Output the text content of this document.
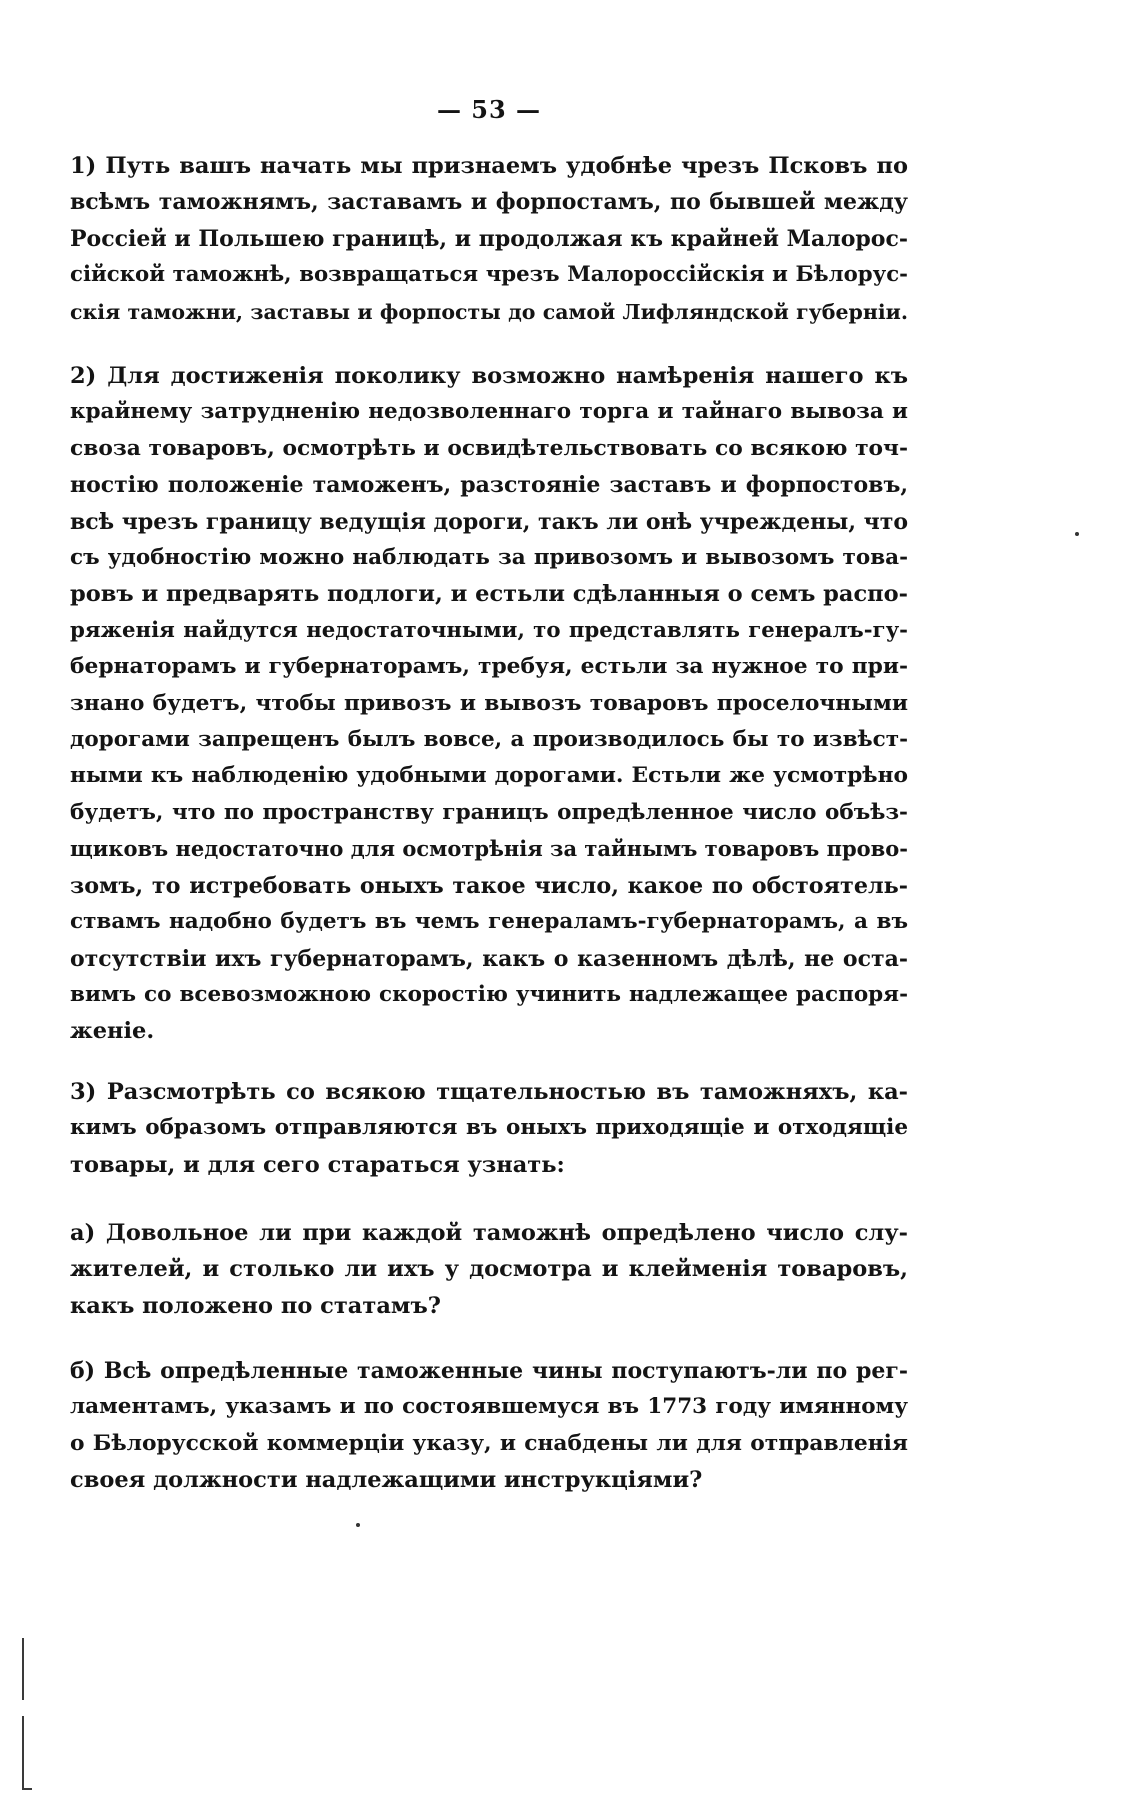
— 53 —

1) Путь вашъ начать мы признаемъ удобнѣе чрезъ Псковъ по
всѣмъ таможнямъ, заставамъ и форпостамъ, по бывшей между
Россіей и Польшею границѣ, и продолжая къ крайней Малорос-
сійской таможнѣ, возвращаться чрезъ Малороссійскія и Бѣлорус-
скія таможни, заставы и форпосты до самой Лифляндской губерніи.

2) Для достиженія поколику возможно намѣренія нашего къ
крайнему затрудненію недозволеннаго торга и тайнаго вывоза и
своза товаровъ, осмотрѣть и освидѣтельствовать со всякою точ-
ностію положеніе таможенъ, разстояніе заставъ и форпостовъ,
всѣ чрезъ границу ведущія дороги, такъ ли онѣ учреждены, что
съ удобностію можно наблюдать за привозомъ и вывозомъ това-
ровъ и предварять подлоги, и естьли сдѣланныя о семъ распо-
ряженія найдутся недостаточными, то представлять генералъ-гу-
бернаторамъ и губернаторамъ, требуя, естьли за нужное то при-
знано будетъ, чтобы привозъ и вывозъ товаровъ проселочными
дорогами запрещенъ былъ вовсе, а производилось бы то извѣст-
ными къ наблюденію удобными дорогами. Естьли же усмотрѣно
будетъ, что по пространству границъ опредѣленное число объѣз-
щиковъ недостаточно для осмотрѣнія за тайнымъ товаровъ прово-
зомъ, то истребовать оныхъ такое число, какое по обстоятель-
ствамъ надобно будетъ въ чемъ генераламъ-губернаторамъ, а въ
отсутствіи ихъ губернаторамъ, какъ о казенномъ дѣлѣ, не оста-
вимъ со всевозможною скоростію учинить надлежащее распоря-
женіе.

3) Разсмотрѣть со всякою тщательностью въ таможняхъ, ка-
кимъ образомъ отправляются въ оныхъ приходящіе и отходящіе
товары, и для сего стараться узнать:

а) Довольное ли при каждой таможнѣ опредѣлено число слу-
жителей, и столько ли ихъ у досмотра и клейменія товаровъ,
какъ положено по статамъ?

б) Всѣ опредѣленные таможенные чины поступаютъ-ли по рег-
ламентамъ, указамъ и по состоявшемуся въ 1773 году имянному
о Бѣлорусской коммерціи указу, и снабдены ли для отправленія
своея должности надлежащими инструкціями?
